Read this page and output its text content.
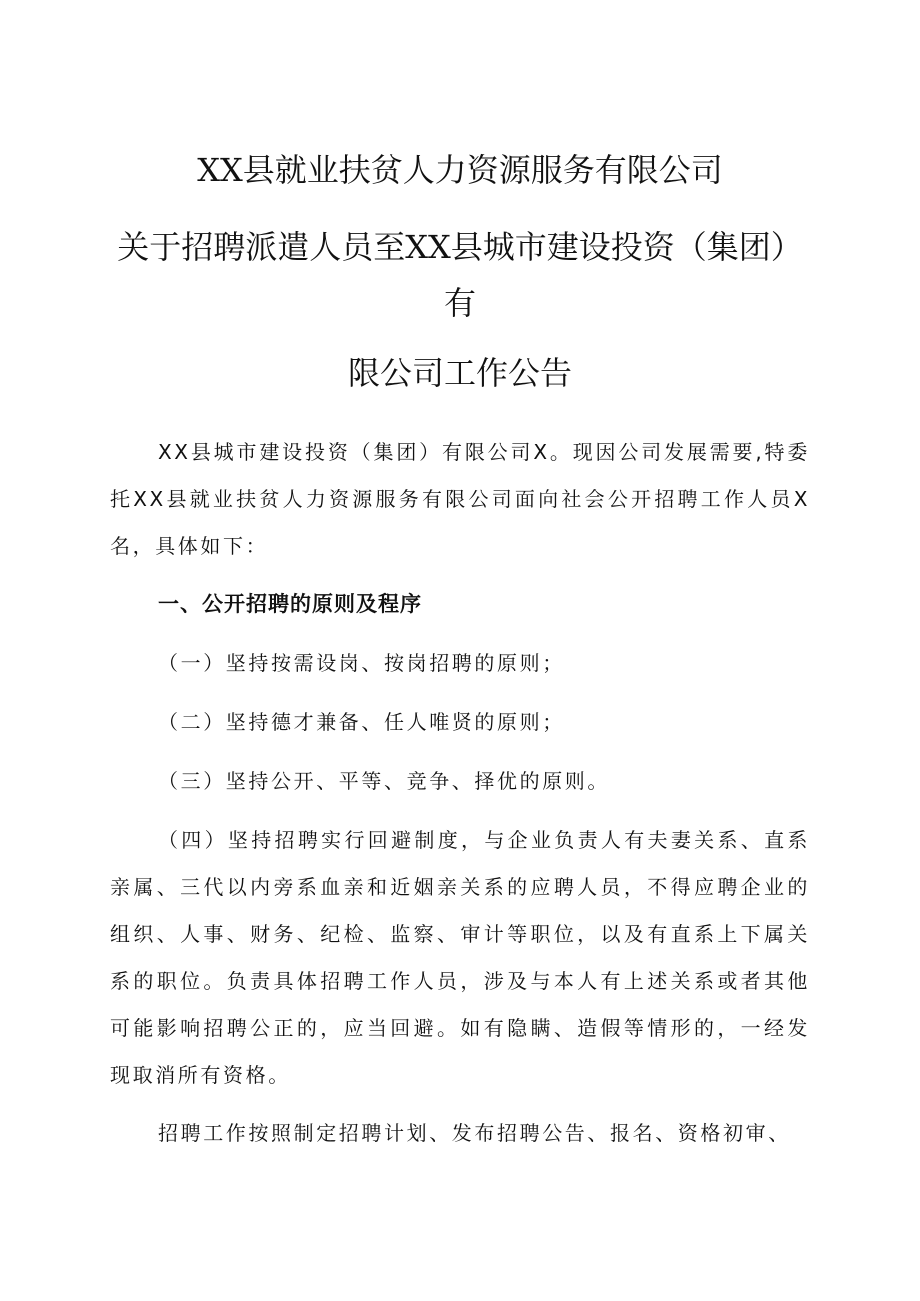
XX县就业扶贫人力资源服务有限公司
关于招聘派遣人员至XX县城市建设投资（集团）
有
限公司工作公告

XX县城市建设投资（集团）有限公司X。现因公司发展需要,特委托XX县就业扶贫人力资源服务有限公司面向社会公开招聘工作人员X名，具体如下：

一、公开招聘的原则及程序

（一）坚持按需设岗、按岗招聘的原则；

（二）坚持德才兼备、任人唯贤的原则；

（三）坚持公开、平等、竞争、择优的原则。

（四）坚持招聘实行回避制度，与企业负责人有夫妻关系、直系亲属、三代以内旁系血亲和近姻亲关系的应聘人员，不得应聘企业的组织、人事、财务、纪检、监察、审计等职位，以及有直系上下属关系的职位。负责具体招聘工作人员，涉及与本人有上述关系或者其他可能影响招聘公正的，应当回避。如有隐瞒、造假等情形的，一经发现取消所有资格。

招聘工作按照制定招聘计划、发布招聘公告、报名、资格初审、
